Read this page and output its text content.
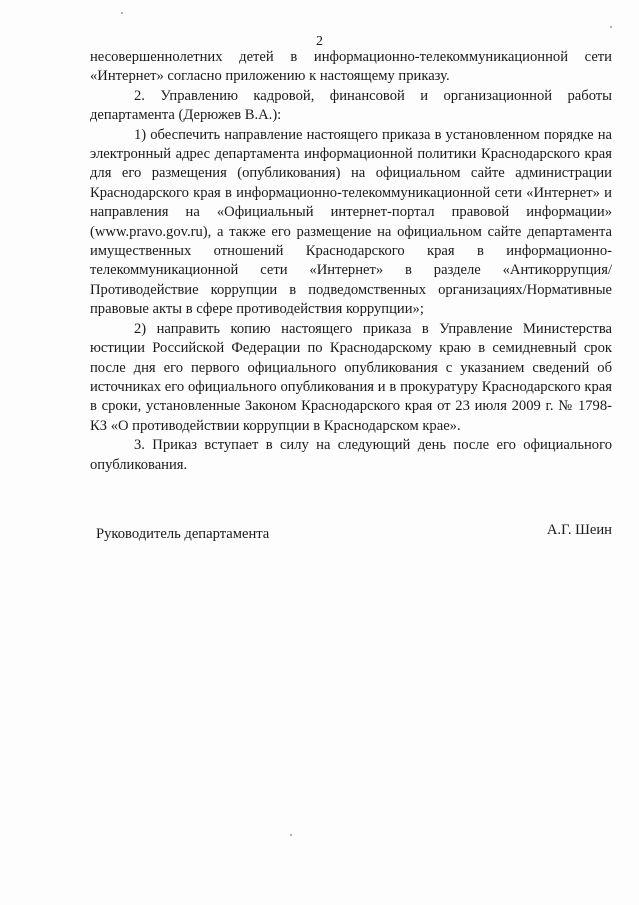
2

несовершеннолетних детей в информационно-телекоммуникационной сети «Интернет» согласно приложению к настоящему приказу.

2. Управлению кадровой, финансовой и организационной работы департамента (Дерюжев В.А.):

1) обеспечить направление настоящего приказа в установленном порядке на электронный адрес департамента информационной политики Краснодарского края для его размещения (опубликования) на официальном сайте администрации Краснодарского края в информационно-телекоммуникационной сети «Интернет» и направления на «Официальный интернет-портал правовой информации» (www.pravo.gov.ru), а также его размещение на официальном сайте департамента имущественных отношений Краснодарского края в информационно-телекоммуникационной сети «Интернет» в разделе «Антикоррупция/Противодействие коррупции в подведомственных организациях/Нормативные правовые акты в сфере противодействия коррупции»;

2) направить копию настоящего приказа в Управление Министерства юстиции Российской Федерации по Краснодарскому краю в семидневный срок после дня его первого официального опубликования с указанием сведений об источниках его официального опубликования и в прокуратуру Краснодарского края в сроки, установленные Законом Краснодарского края от 23 июля 2009 г. № 1798-КЗ «О противодействии коррупции в Краснодарском крае».

3. Приказ вступает в силу на следующий день после его официального опубликования.

Руководитель департамента	А.Г. Шеин
